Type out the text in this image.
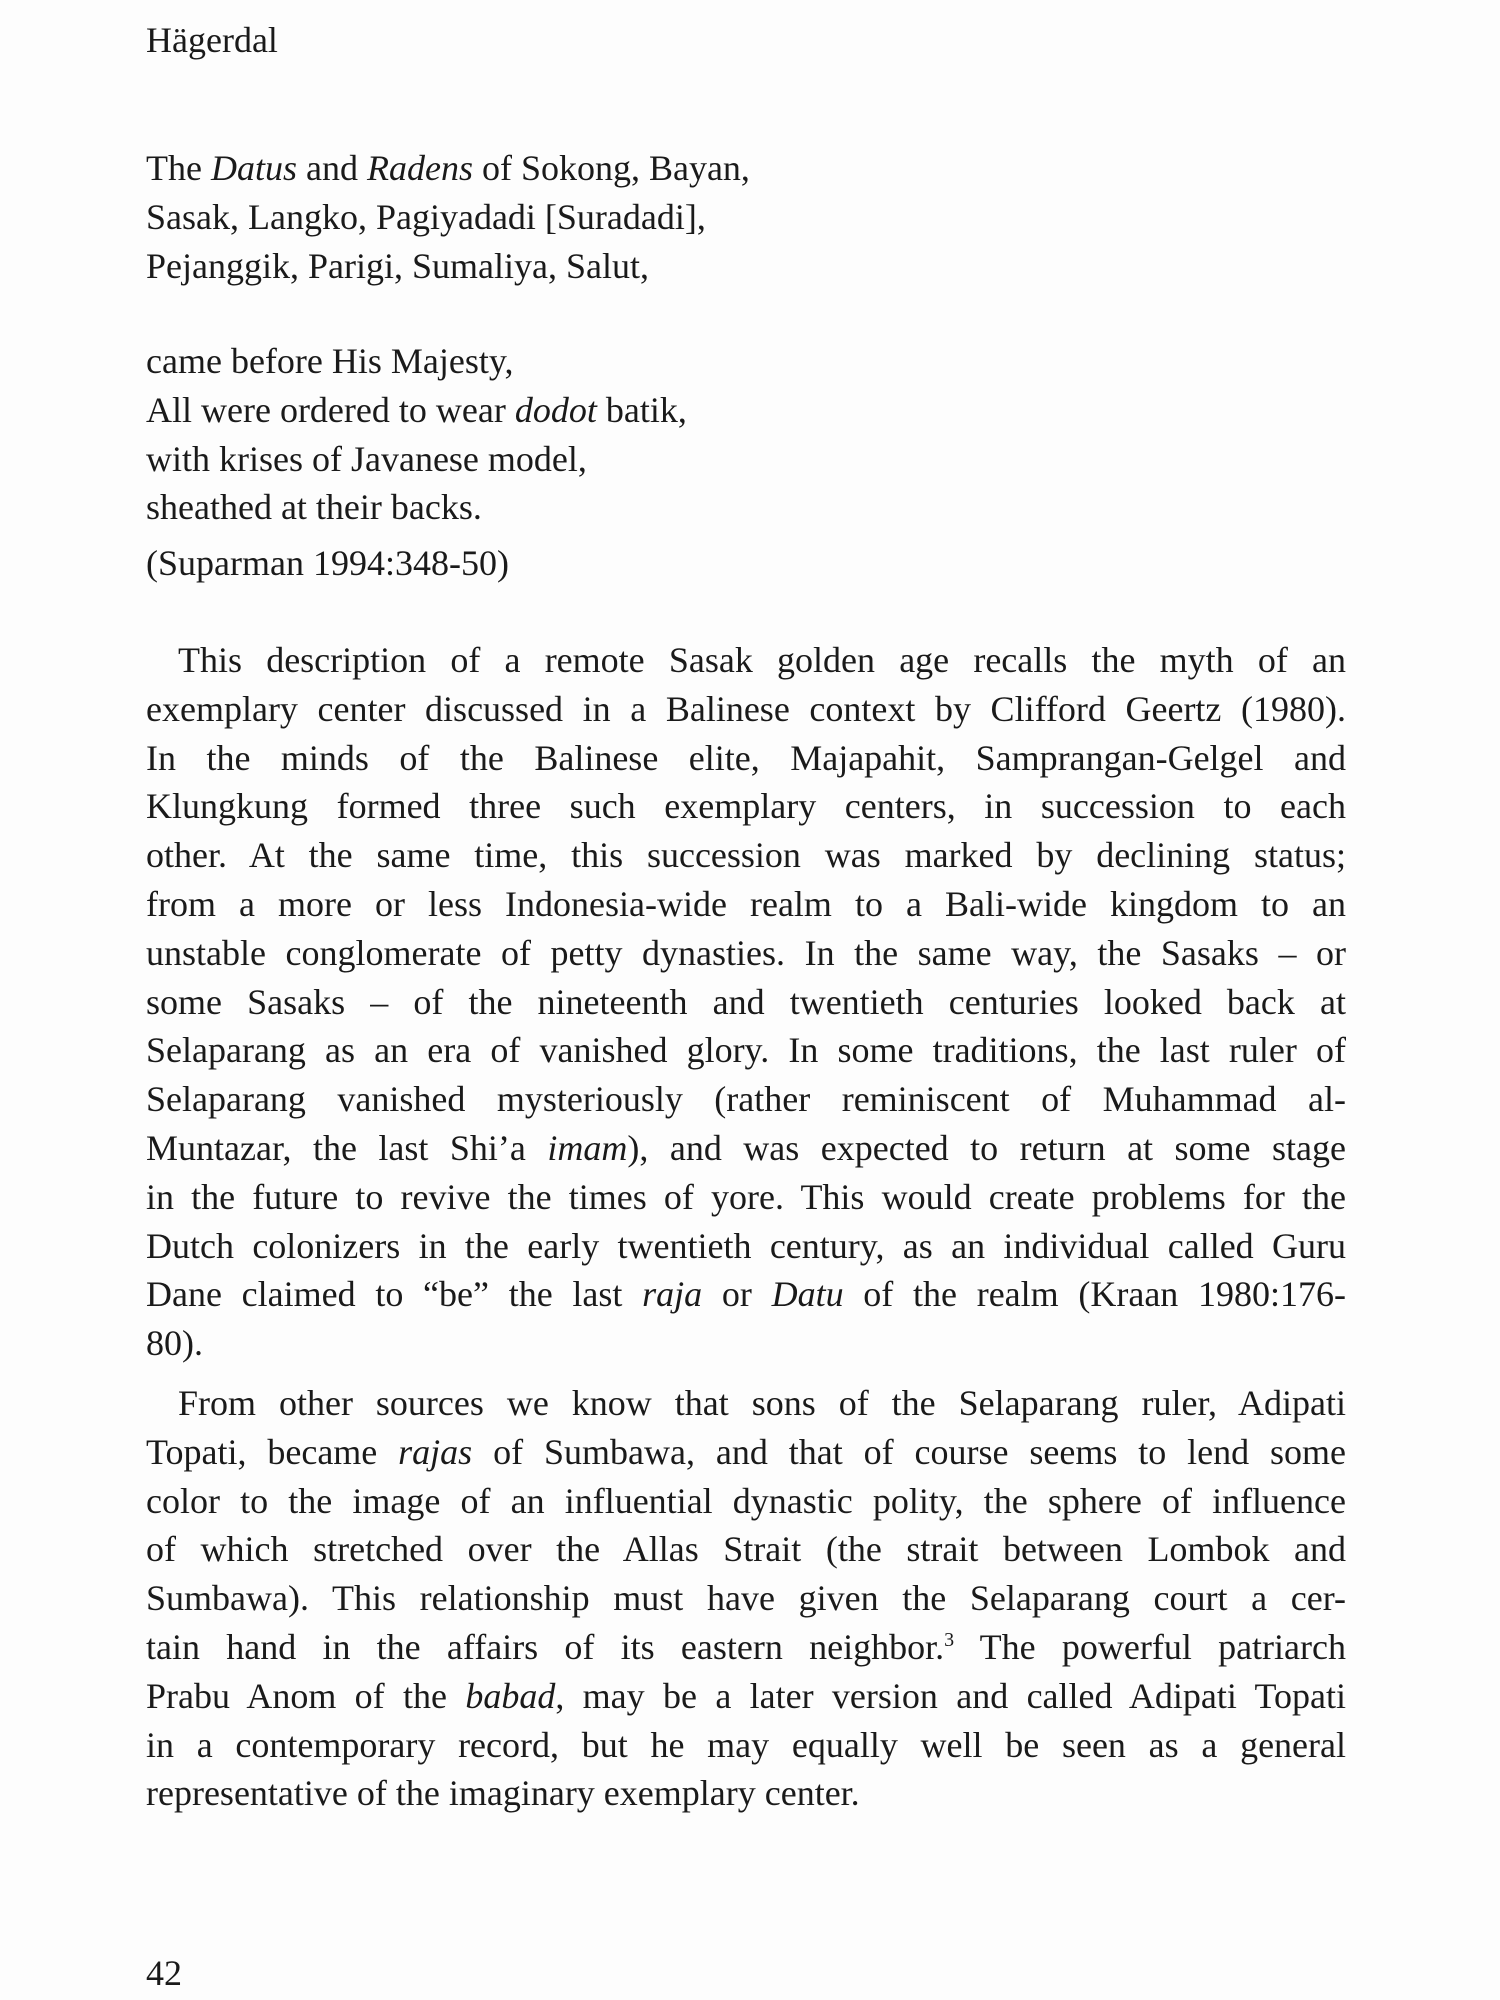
Hägerdal
The Datus and Radens of Sokong, Bayan,
Sasak, Langko, Pagiyadadi [Suradadi],
Pejanggik, Parigi, Sumaliya, Salut,
came before His Majesty,
All were ordered to wear dodot batik,
with krises of Javanese model,
sheathed at their backs.
(Suparman 1994:348-50)
This description of a remote Sasak golden age recalls the myth of an
exemplary center discussed in a Balinese context by Clifford Geertz (1980).
In the minds of the Balinese elite, Majapahit, Samprangan-Gelgel and
Klungkung formed three such exemplary centers, in succession to each
other. At the same time, this succession was marked by declining status;
from a more or less Indonesia-wide realm to a Bali-wide kingdom to an
unstable conglomerate of petty dynasties. In the same way, the Sasaks – or
some Sasaks – of the nineteenth and twentieth centuries looked back at
Selaparang as an era of vanished glory. In some traditions, the last ruler of
Selaparang vanished mysteriously (rather reminiscent of Muhammad al-
Muntazar, the last Shi’a imam), and was expected to return at some stage
in the future to revive the times of yore. This would create problems for the
Dutch colonizers in the early twentieth century, as an individual called Guru
Dane claimed to “be” the last raja or Datu of the realm (Kraan 1980:176-
80).
From other sources we know that sons of the Selaparang ruler, Adipati
Topati, became rajas of Sumbawa, and that of course seems to lend some
color to the image of an influential dynastic polity, the sphere of influence
of which stretched over the Allas Strait (the strait between Lombok and
Sumbawa). This relationship must have given the Selaparang court a cer-
tain hand in the affairs of its eastern neighbor.$^3$ The powerful patriarch
Prabu Anom of the babad, may be a later version and called Adipati Topati
in a contemporary record, but he may equally well be seen as a general
representative of the imaginary exemplary center.
42
